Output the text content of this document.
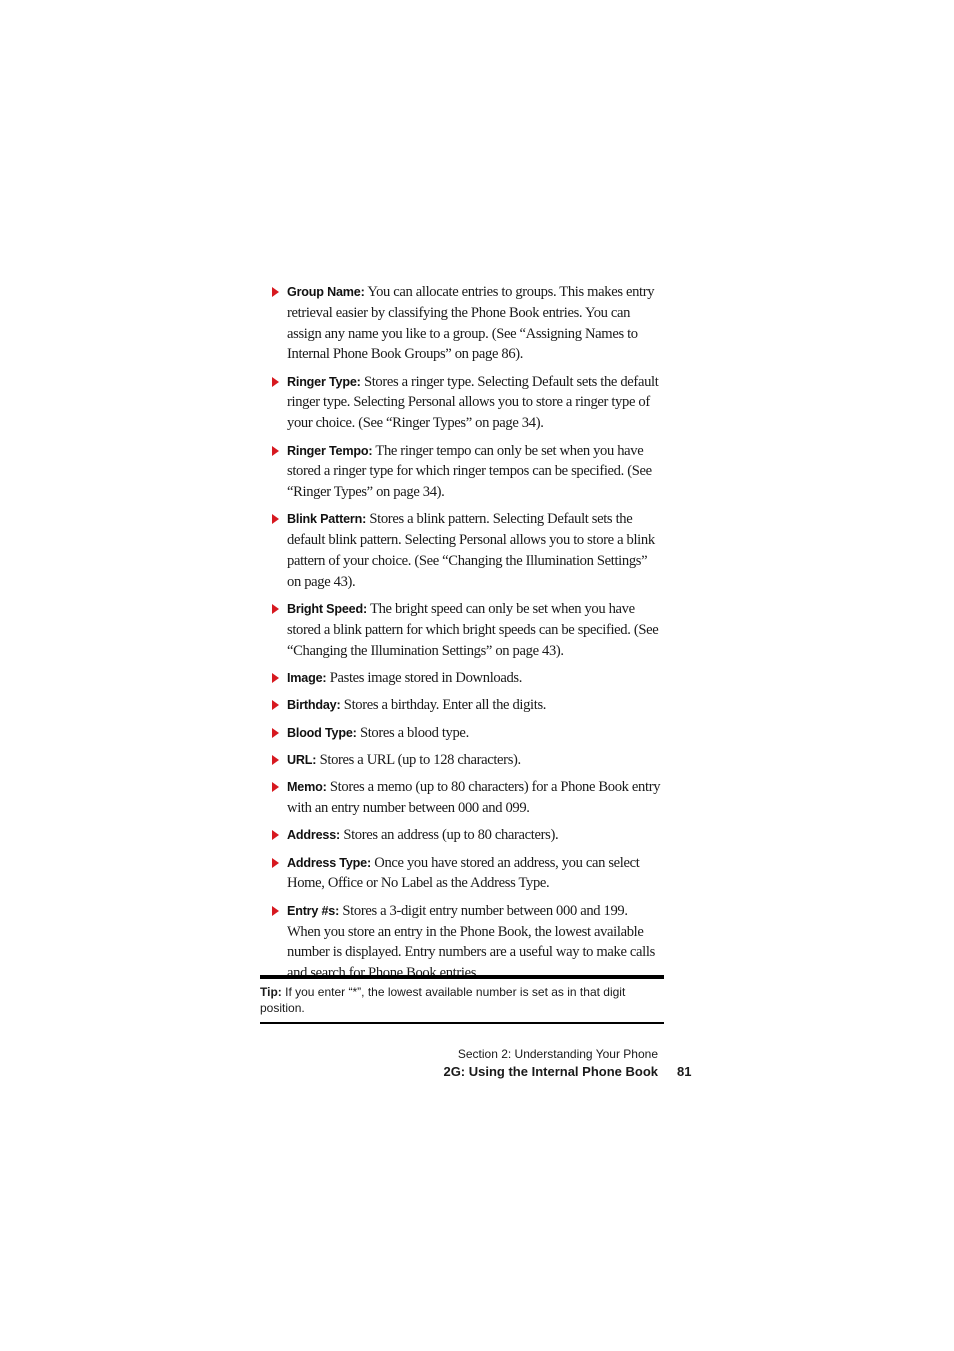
Group Name: You can allocate entries to groups. This makes entry retrieval easier by classifying the Phone Book entries. You can assign any name you like to a group. (See “Assigning Names to Internal Phone Book Groups” on page 86).
Ringer Type: Stores a ringer type. Selecting Default sets the default ringer type. Selecting Personal allows you to store a ringer type of your choice. (See “Ringer Types” on page 34).
Ringer Tempo: The ringer tempo can only be set when you have stored a ringer type for which ringer tempos can be specified. (See “Ringer Types” on page 34).
Blink Pattern: Stores a blink pattern. Selecting Default sets the default blink pattern. Selecting Personal allows you to store a blink pattern of your choice. (See “Changing the Illumination Settings” on page 43).
Bright Speed: The bright speed can only be set when you have stored a blink pattern for which bright speeds can be specified. (See “Changing the Illumination Settings” on page 43).
Image: Pastes image stored in Downloads.
Birthday: Stores a birthday. Enter all the digits.
Blood Type: Stores a blood type.
URL: Stores a URL (up to 128 characters).
Memo: Stores a memo (up to 80 characters) for a Phone Book entry with an entry number between 000 and 099.
Address: Stores an address (up to 80 characters).
Address Type: Once you have stored an address, you can select Home, Office or No Label as the Address Type.
Entry #s: Stores a 3-digit entry number between 000 and 199. When you store an entry in the Phone Book, the lowest available number is displayed. Entry numbers are a useful way to make calls and search for Phone Book entries.
Tip: If you enter “*”, the lowest available number is set as in that digit position.
Section 2: Understanding Your Phone
2G: Using the Internal Phone Book 81
